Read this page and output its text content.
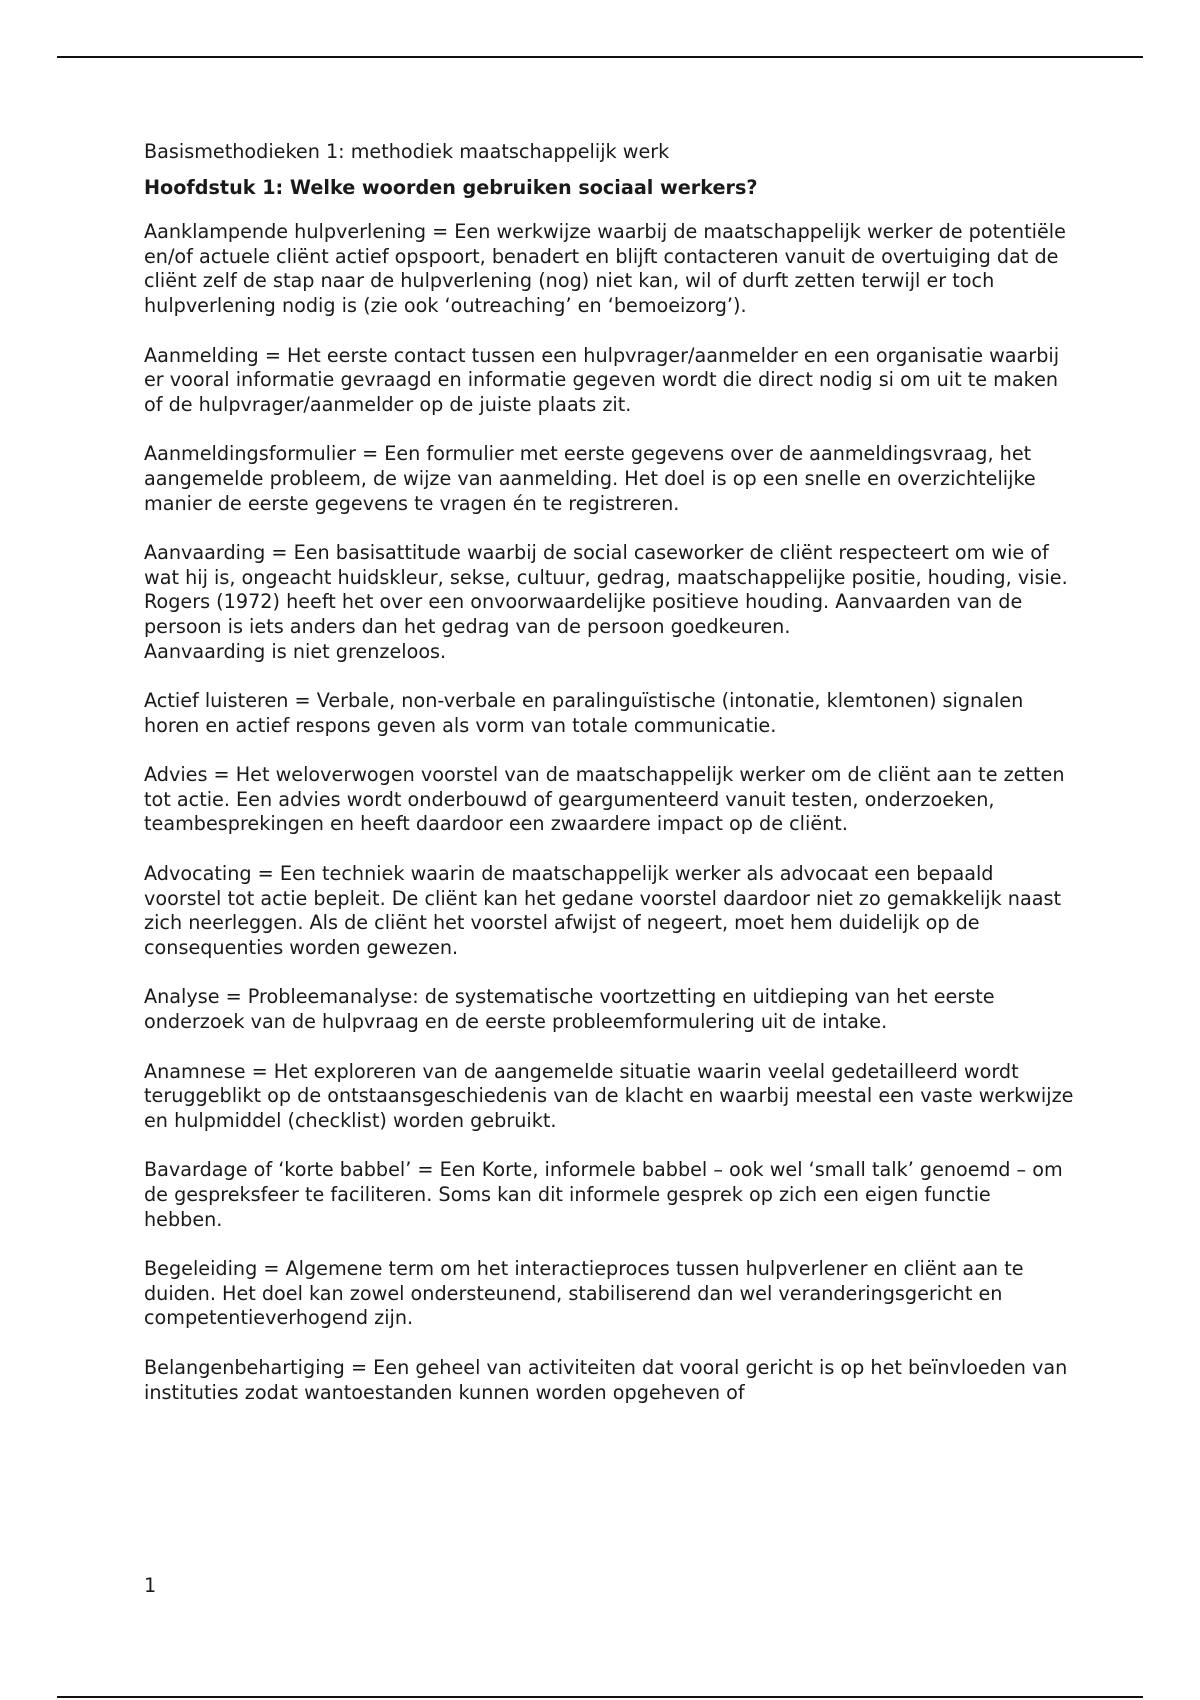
Basismethodieken 1: methodiek maatschappelijk werk

Hoofdstuk 1: Welke woorden gebruiken sociaal werkers?

Aanklampende hulpverlening = Een werkwijze waarbij de maatschappelijk werker de potentiële en/of actuele cliënt actief opspoort, benadert en blijft contacteren vanuit de overtuiging dat de cliënt zelf de stap naar de hulpverlening (nog) niet kan, wil of durft zetten terwijl er toch hulpverlening nodig is (zie ook ‘outreaching’ en ‘bemoeizorg’).

Aanmelding = Het eerste contact tussen een hulpvrager/aanmelder en een organisatie waarbij er vooral informatie gevraagd en informatie gegeven wordt die direct nodig si om uit te maken of de hulpvrager/aanmelder op de juiste plaats zit.

Aanmeldingsformulier = Een formulier met eerste gegevens over de aanmeldingsvraag, het aangemelde probleem, de wijze van aanmelding. Het doel is op een snelle en overzichtelijke manier de eerste gegevens te vragen én te registreren.

Aanvaarding = Een basisattitude waarbij de social caseworker de cliënt respecteert om wie of wat hij is, ongeacht huidskleur, sekse, cultuur, gedrag, maatschappelijke positie, houding, visie. Rogers (1972) heeft het over een onvoorwaardelijke positieve houding. Aanvaarden van de persoon is iets anders dan het gedrag van de persoon goedkeuren.

Aanvaarding is niet grenzeloos.

Actief luisteren = Verbale, non-verbale en paralinguïstische (intonatie, klemtonen) signalen horen en actief respons geven als vorm van totale communicatie.

Advies = Het weloverwogen voorstel van de maatschappelijk werker om de cliënt aan te zetten tot actie. Een advies wordt onderbouwd of geargumenteerd vanuit testen, onderzoeken, teambesprekingen en heeft daardoor een zwaardere impact op de cliënt.

Advocating = Een techniek waarin de maatschappelijk werker als advocaat een bepaald voorstel tot actie bepleit. De cliënt kan het gedane voorstel daardoor niet zo gemakkelijk naast zich neerleggen. Als de cliënt het voorstel afwijst of negeert, moet hem duidelijk op de consequenties worden gewezen.

Analyse = Probleemanalyse: de systematische voortzetting en uitdieping van het eerste onderzoek van de hulpvraag en de eerste probleemformulering uit de intake.

Anamnese = Het exploreren van de aangemelde situatie waarin veelal gedetailleerd wordt teruggeblikt op de ontstaansgeschiedenis van de klacht en waarbij meestal een vaste werkwijze en hulpmiddel (checklist) worden gebruikt.

Bavardage of ‘korte babbel’ = Een Korte, informele babbel – ook wel ‘small talk’ genoemd – om de gespreksfeer te faciliteren. Soms kan dit informele gesprek op zich een eigen functie hebben.

Begeleiding = Algemene term om het interactieproces tussen hulpverlener en cliënt aan te duiden. Het doel kan zowel ondersteunend, stabiliserend dan wel veranderingsgericht en competentieverhogend zijn.

Belangenbehartiging = Een geheel van activiteiten dat vooral gericht is op het beïnvloeden van instituties zodat wantoestanden kunnen worden opgeheven of

1
